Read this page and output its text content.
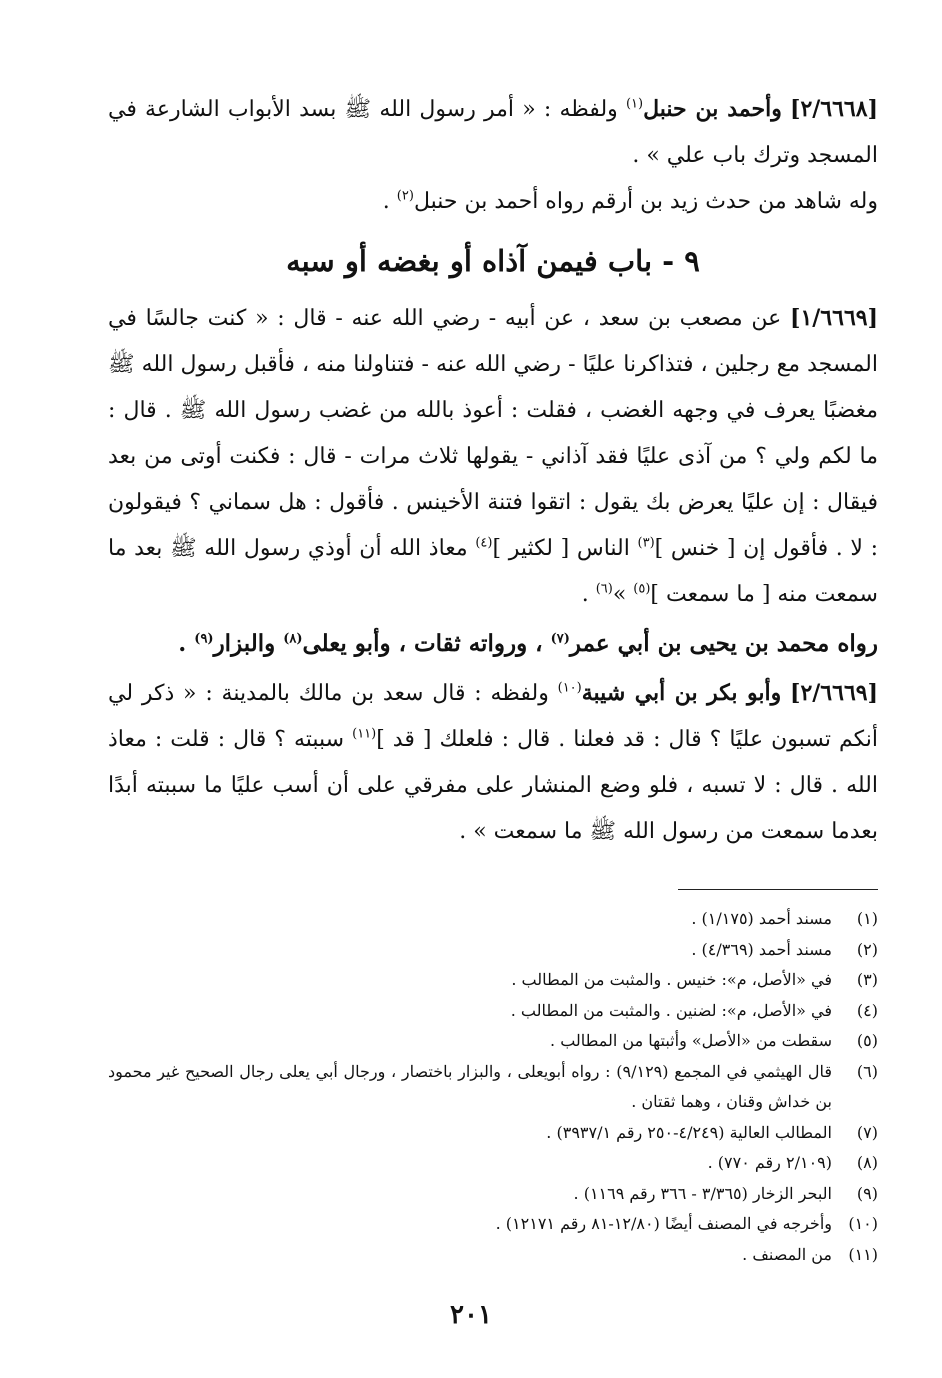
[٢/٦٦٦٨] وأحمد بن حنبل$^{(١)}$ ولفظه : « أمر رسول الله ﷺ بسد الأبواب الشارعة في المسجد وترك باب علي » .

وله شاهد من حدث زيد بن أرقم رواه أحمد بن حنبل$^{(٢)}$ .

٩ - باب فيمن آذاه أو بغضه أو سبه

[١/٦٦٦٩] عن مصعب بن سعد ، عن أبيه - رضي الله عنه - قال : « كنت جالسًا في المسجد مع رجلين ، فتذاكرنا عليًا - رضي الله عنه - فتناولنا منه ، فأقبل رسول الله ﷺ مغضبًا يعرف في وجهه الغضب ، فقلت : أعوذ بالله من غضب رسول الله ﷺ . قال : ما لكم ولي ؟ من آذى عليًا فقد آذاني - يقولها ثلاث مرات - قال : فكنت أوتى من بعد فيقال : إن عليًا يعرض بك يقول : اتقوا فتنة الأخينس . فأقول : هل سماني ؟ فيقولون : لا . فأقول إن [ خنس ]$^{(٣)}$ الناس [ لكثير ]$^{(٤)}$ معاذ الله أن أوذي رسول الله ﷺ بعد ما سمعت منه [ ما سمعت ]$^{(٥)}$ »$^{(٦)}$ .

رواه محمد بن يحيى بن أبي عمر$^{(٧)}$ ، ورواته ثقات ، وأبو يعلى$^{(٨)}$ والبزار$^{(٩)}$ .

[٢/٦٦٦٩] وأبو بكر بن أبي شيبة$^{(١٠)}$ ولفظه : قال سعد بن مالك بالمدينة : « ذكر لي أنكم تسبون عليًا ؟ قال : قد فعلنا . قال : فلعلك [ قد ]$^{(١١)}$ سببته ؟ قال : قلت : معاذ الله . قال : لا تسبه ، فلو وضع المنشار على مفرقي على أن أسب عليًا ما سببته أبدًا بعدما سمعت من رسول الله ﷺ ما سمعت » .

(١)
مسند أحمد (١/١٧٥) .
(٢)
مسند أحمد (٤/٣٦٩) .
(٣)
في «الأصل، م»: خنيس . والمثبت من المطالب .
(٤)
في «الأصل، م»: لضنين . والمثبت من المطالب .
(٥)
سقطت من «الأصل» وأثبتها من المطالب .
(٦)
قال الهيثمي في المجمع (٩/١٢٩) : رواه أبويعلى ، والبزار باختصار ، ورجال أبي يعلى رجال الصحيح غير محمود بن خداش وقنان ، وهما ثقتان .
(٧)
المطالب العالية (٤/٢٤٩-٢٥٠ رقم ٣٩٣٧/١) .
(٨)
(٢/١٠٩ رقم ٧٧٠) .
(٩)
البحر الزخار (٣/٣٦٥ - ٣٦٦ رقم ١١٦٩) .
(١٠)
وأخرجه في المصنف أيضًا (١٢/٨٠-٨١ رقم ١٢١٧١) .
(١١)
من المصنف .
٢٠١
